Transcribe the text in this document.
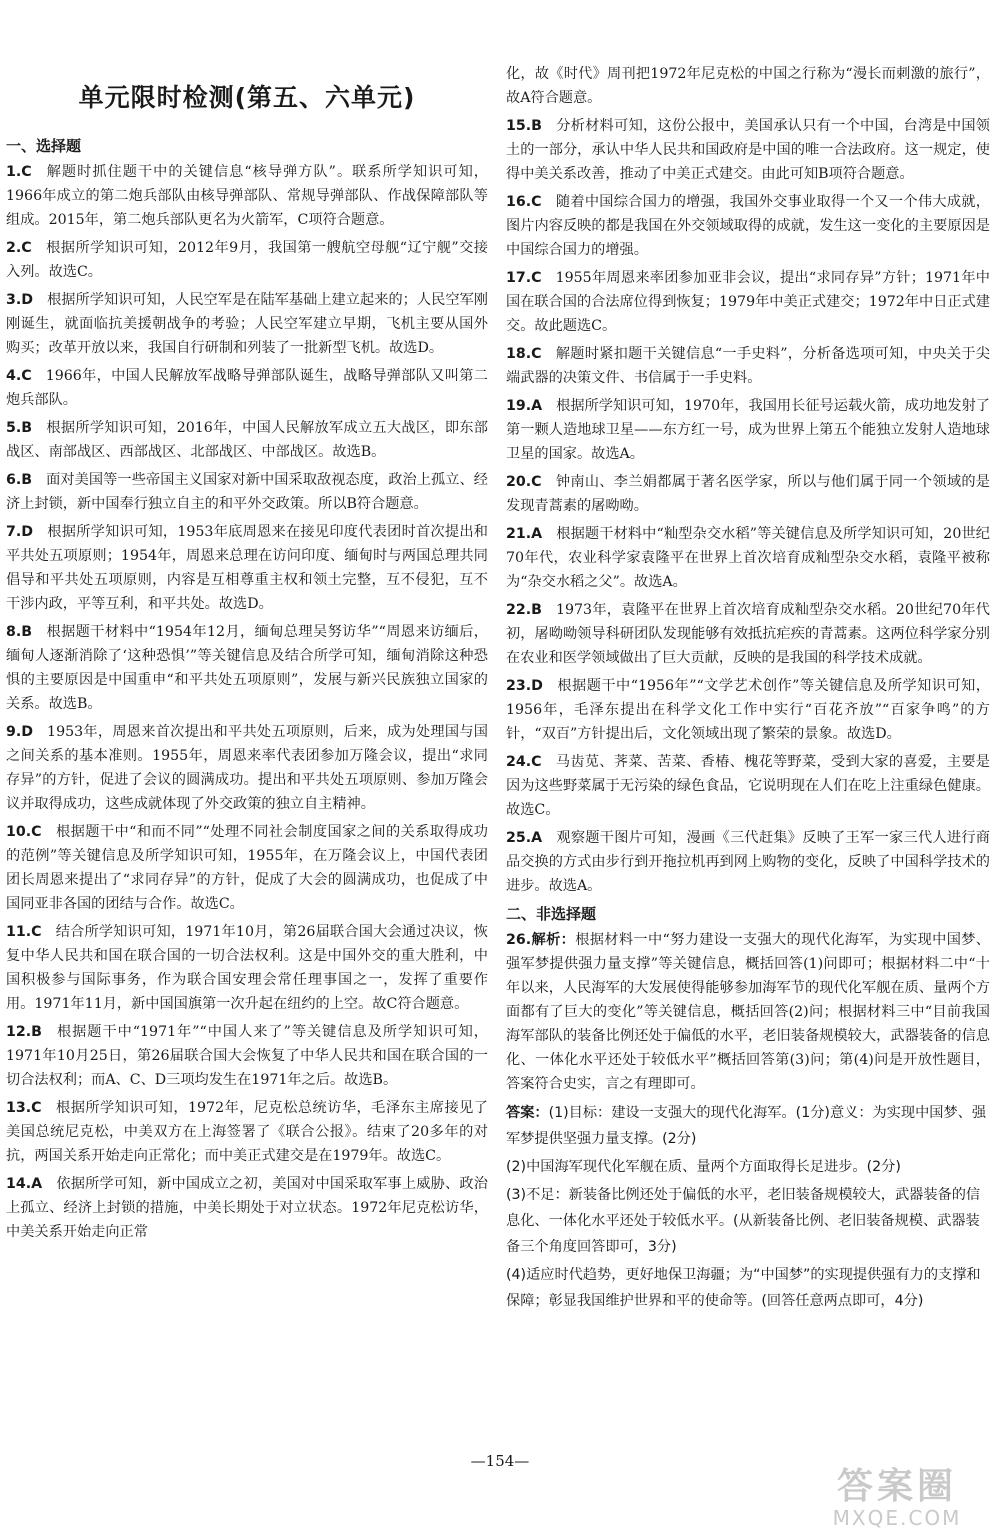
单元限时检测(第五、六单元)
一、选择题
1.C 解题时抓住题干中的关键信息“核导弹方队”。联系所学知识可知，1966年成立的第二炮兵部队由核导弹部队、常规导弹部队、作战保障部队等组成。2015年，第二炮兵部队更名为火箭军，C项符合题意。
2.C 根据所学知识可知，2012年9月，我国第一艘航空母舰“辽宁舰”交接入列。故选C。
3.D 根据所学知识可知，人民空军是在陆军基础上建立起来的；人民空军刚刚诞生，就面临抗美援朝战争的考验；人民空军建立早期，飞机主要从国外购买；改革开放以来，我国自行研制和列装了一批新型飞机。故选D。
4.C 1966年，中国人民解放军战略导弹部队诞生，战略导弹部队又叫第二炮兵部队。
5.B 根据所学知识可知，2016年，中国人民解放军成立五大战区，即东部战区、南部战区、西部战区、北部战区、中部战区。故选B。
6.B 面对美国等一些帝国主义国家对新中国采取敌视态度，政治上孤立、经济上封锁，新中国奉行独立自主的和平外交政策。所以B符合题意。
7.D 根据所学知识可知，1953年底周恩来在接见印度代表团时首次提出和平共处五项原则；1954年，周恩来总理在访问印度、缅甸时与两国总理共同倡导和平共处五项原则，内容是互相尊重主权和领土完整，互不侵犯，互不干涉内政，平等互利，和平共处。故选D。
8.B 根据题干材料中“1954年12月，缅甸总理吴努访华”“周恩来访缅后，缅甸人逐渐消除了‘这种恐惧’”等关键信息及结合所学可知，缅甸消除这种恐惧的主要原因是中国重申“和平共处五项原则”，发展与新兴民族独立国家的关系。故选B。
9.D 1953年，周恩来首次提出和平共处五项原则，后来，成为处理国与国之间关系的基本准则。1955年，周恩来率代表团参加万隆会议，提出“求同存异”的方针，促进了会议的圆满成功。提出和平共处五项原则、参加万隆会议并取得成功，这些成就体现了外交政策的独立自主精神。
10.C 根据题干中“和而不同”“处理不同社会制度国家之间的关系取得成功的范例”等关键信息及所学知识可知，1955年，在万隆会议上，中国代表团团长周恩来提出了“求同存异”的方针，促成了大会的圆满成功，也促成了中国同亚非各国的团结与合作。故选C。
11.C 结合所学知识可知，1971年10月，第26届联合国大会通过决议，恢复中华人民共和国在联合国的一切合法权利。这是中国外交的重大胜利，中国积极参与国际事务，作为联合国安理会常任理事国之一，发挥了重要作用。1971年11月，新中国国旗第一次升起在纽约的上空。故C符合题意。
12.B 根据题干中“1971年”“中国人来了”等关键信息及所学知识可知，1971年10月25日，第26届联合国大会恢复了中华人民共和国在联合国的一切合法权利；而A、C、D三项均发生在1971年之后。故选B。
13.C 根据所学知识可知，1972年，尼克松总统访华，毛泽东主席接见了美国总统尼克松，中美双方在上海签署了《联合公报》。结束了20多年的对抗，两国关系开始走向正常化；而中美正式建交是在1979年。故选C。
14.A 依据所学可知，新中国成立之初，美国对中国采取军事上威胁、政治上孤立、经济上封锁的措施，中美长期处于对立状态。1972年尼克松访华，中美关系开始走向正常
化，故《时代》周刊把1972年尼克松的中国之行称为“漫长而刺激的旅行”，故A符合题意。
15.B 分析材料可知，这份公报中，美国承认只有一个中国，台湾是中国领土的一部分，承认中华人民共和国政府是中国的唯一合法政府。这一规定，使得中美关系改善，推动了中美正式建交。由此可知B项符合题意。
16.C 随着中国综合国力的增强，我国外交事业取得一个又一个伟大成就，图片内容反映的都是我国在外交领域取得的成就，发生这一变化的主要原因是中国综合国力的增强。
17.C 1955年周恩来率团参加亚非会议，提出“求同存异”方针；1971年中国在联合国的合法席位得到恢复；1979年中美正式建交；1972年中日正式建交。故此题选C。
18.C 解题时紧扣题干关键信息“一手史料”，分析备选项可知，中央关于尖端武器的决策文件、书信属于一手史料。
19.A 根据所学知识可知，1970年，我国用长征号运载火箭，成功地发射了第一颗人造地球卫星——东方红一号，成为世界上第五个能独立发射人造地球卫星的国家。故选A。
20.C 钟南山、李兰娟都属于著名医学家，所以与他们属于同一个领域的是发现青蒿素的屠呦呦。
21.A 根据题干材料中“籼型杂交水稻”等关键信息及所学知识可知，20世纪70年代，农业科学家袁隆平在世界上首次培育成籼型杂交水稻，袁隆平被称为“杂交水稻之父”。故选A。
22.B 1973年，袁隆平在世界上首次培育成籼型杂交水稻。20世纪70年代初，屠呦呦领导科研团队发现能够有效抵抗疟疾的青蒿素。这两位科学家分别在农业和医学领域做出了巨大贡献，反映的是我国的科学技术成就。
23.D 根据题干中“1956年”“文学艺术创作”等关键信息及所学知识可知，1956年，毛泽东提出在科学文化工作中实行“百花齐放”“百家争鸣”的方针，“双百”方针提出后，文化领域出现了繁荣的景象。故选D。
24.C 马齿苋、荠菜、苦菜、香椿、槐花等野菜，受到大家的喜爱，主要是因为这些野菜属于无污染的绿色食品，它说明现在人们在吃上注重绿色健康。故选C。
25.A 观察题干图片可知，漫画《三代赶集》反映了王军一家三代人进行商品交换的方式由步行到开拖拉机再到网上购物的变化，反映了中国科学技术的进步。故选A。
二、非选择题
26.解析：根据材料一中“努力建设一支强大的现代化海军，为实现中国梦、强军梦提供强力量支撑”等关键信息，概括回答(1)问即可；根据材料二中“十年以来，人民海军的大发展使得能够参加海军节的现代化军舰在质、量两个方面都有了巨大的变化”等关键信息，概括回答(2)问；根据材料三中“目前我国海军部队的装备比例还处于偏低的水平，老旧装备规模较大，武器装备的信息化、一体化水平还处于较低水平”概括回答第(3)问；第(4)问是开放性题目，答案符合史实，言之有理即可。

答案：(1)目标：建设一支强大的现代化海军。(1分)意义：为实现中国梦、强军梦提供坚强力量支撑。(2分)

(2)中国海军现代化军舰在质、量两个方面取得长足进步。(2分)

(3)不足：新装备比例还处于偏低的水平，老旧装备规模较大，武器装备的信息化、一体化水平还处于较低水平。(从新装备比例、老旧装备规模、武器装备三个角度回答即可，3分)

(4)适应时代趋势，更好地保卫海疆；为“中国梦”的实现提供强有力的支撑和保障；彰显我国维护世界和平的使命等。(回答任意两点即可，4分)

—154—
答案圈
MXQE.COM
